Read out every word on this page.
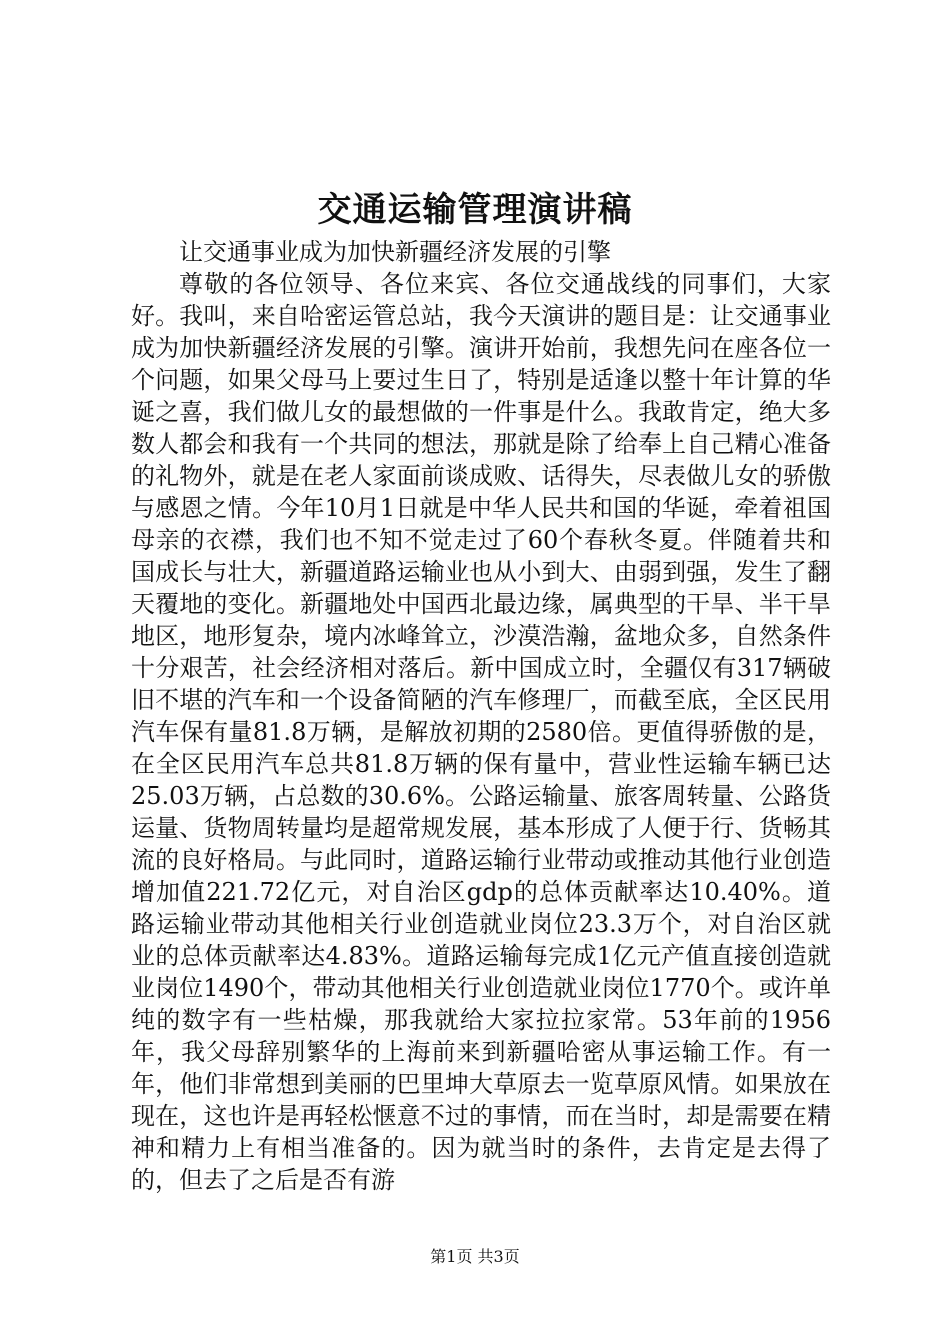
交通运输管理演讲稿

让交通事业成为加快新疆经济发展的引擎

尊敬的各位领导、各位来宾、各位交通战线的同事们，大家好。我叫，来自哈密运管总站，我今天演讲的题目是：让交通事业成为加快新疆经济发展的引擎。演讲开始前，我想先问在座各位一个问题，如果父母马上要过生日了，特别是适逢以整十年计算的华诞之喜，我们做儿女的最想做的一件事是什么。我敢肯定，绝大多数人都会和我有一个共同的想法，那就是除了给奉上自己精心准备的礼物外，就是在老人家面前谈成败、话得失，尽表做儿女的骄傲与感恩之情。今年10月1日就是中华人民共和国的华诞，牵着祖国母亲的衣襟，我们也不知不觉走过了60个春秋冬夏。伴随着共和国成长与壮大，新疆道路运输业也从小到大、由弱到强，发生了翻天覆地的变化。新疆地处中国西北最边缘，属典型的干旱、半干旱地区，地形复杂，境内冰峰耸立，沙漠浩瀚，盆地众多，自然条件十分艰苦，社会经济相对落后。新中国成立时，全疆仅有317辆破旧不堪的汽车和一个设备简陋的汽车修理厂，而截至底，全区民用汽车保有量81.8万辆，是解放初期的2580倍。更值得骄傲的是，在全区民用汽车总共81.8万辆的保有量中，营业性运输车辆已达25.03万辆，占总数的30.6%。公路运输量、旅客周转量、公路货运量、货物周转量均是超常规发展，基本形成了人便于行、货畅其流的良好格局。与此同时，道路运输行业带动或推动其他行业创造增加值221.72亿元，对自治区gdp的总体贡献率达10.40%。道路运输业带动其他相关行业创造就业岗位23.3万个，对自治区就业的总体贡献率达4.83%。道路运输每完成1亿元产值直接创造就业岗位1490个，带动其他相关行业创造就业岗位1770个。或许单纯的数字有一些枯燥，那我就给大家拉拉家常。53年前的1956年，我父母辞别繁华的上海前来到新疆哈密从事运输工作。有一年，他们非常想到美丽的巴里坤大草原去一览草原风情。如果放在现在，这也许是再轻松惬意不过的事情，而在当时，却是需要在精神和精力上有相当准备的。因为就当时的条件，去肯定是去得了的，但去了之后是否有游

第1页 共3页
